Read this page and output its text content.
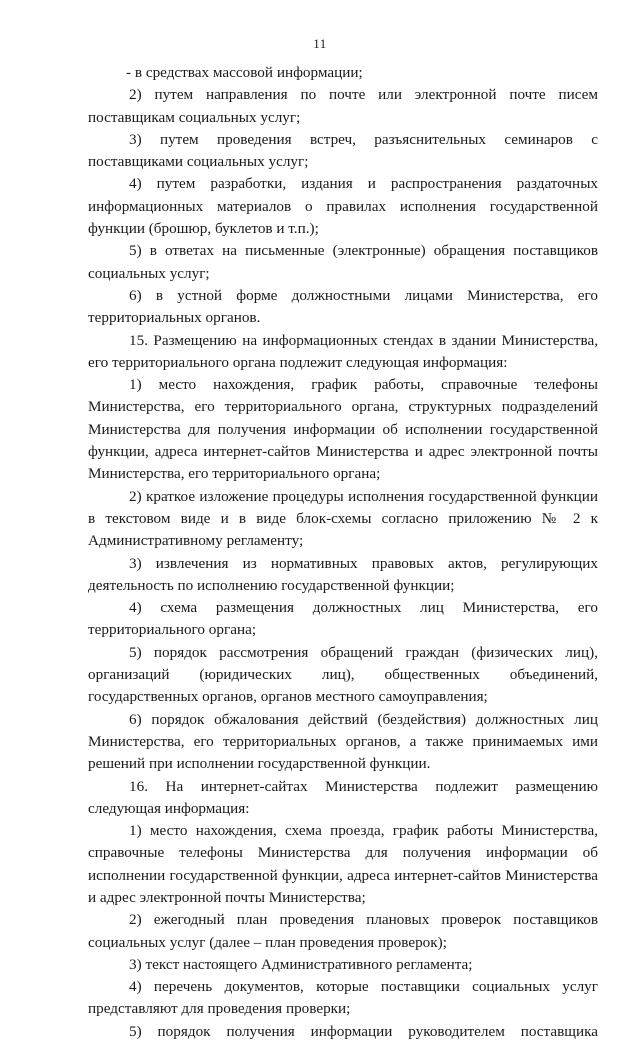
11

- в средствах массовой информации;

2) путем направления по почте или электронной почте писем поставщикам социальных услуг;

3) путем проведения встреч, разъяснительных семинаров с поставщиками социальных услуг;

4) путем разработки, издания и распространения раздаточных информационных материалов о правилах исполнения государственной функции (брошюр, буклетов и т.п.);

5) в ответах на письменные (электронные) обращения поставщиков социальных услуг;

6) в устной форме должностными лицами Министерства, его территориальных органов.

15. Размещению на информационных стендах в здании Министерства, его территориального органа подлежит следующая информация:

1) место нахождения, график работы, справочные телефоны Министерства, его территориального органа, структурных подразделений Министерства для получения информации об исполнении государственной функции, адреса интернет-сайтов Министерства и адрес электронной почты Министерства, его территориального органа;

2) краткое изложение процедуры исполнения государственной функции в текстовом виде и в виде блок-схемы согласно приложению № 2 к Административному регламенту;

3) извлечения из нормативных правовых актов, регулирующих деятельность по исполнению государственной функции;

4) схема размещения должностных лиц Министерства, его территориального органа;

5) порядок рассмотрения обращений граждан (физических лиц), организаций (юридических лиц), общественных объединений, государственных органов, органов местного самоуправления;

6) порядок обжалования действий (бездействия) должностных лиц Министерства, его территориальных органов, а также принимаемых ими решений при исполнении государственной функции.

16. На интернет-сайтах Министерства подлежит размещению следующая информация:

1) место нахождения, схема проезда, график работы Министерства, справочные телефоны Министерства для получения информации об исполнении государственной функции, адреса интернет-сайтов Министерства и адрес электронной почты Министерства;

2) ежегодный план проведения плановых проверок поставщиков социальных услуг (далее – план проведения проверок);

3) текст настоящего Административного регламента;

4) перечень документов, которые поставщики социальных услуг представляют для проведения проверки;

5) порядок получения информации руководителем поставщика
